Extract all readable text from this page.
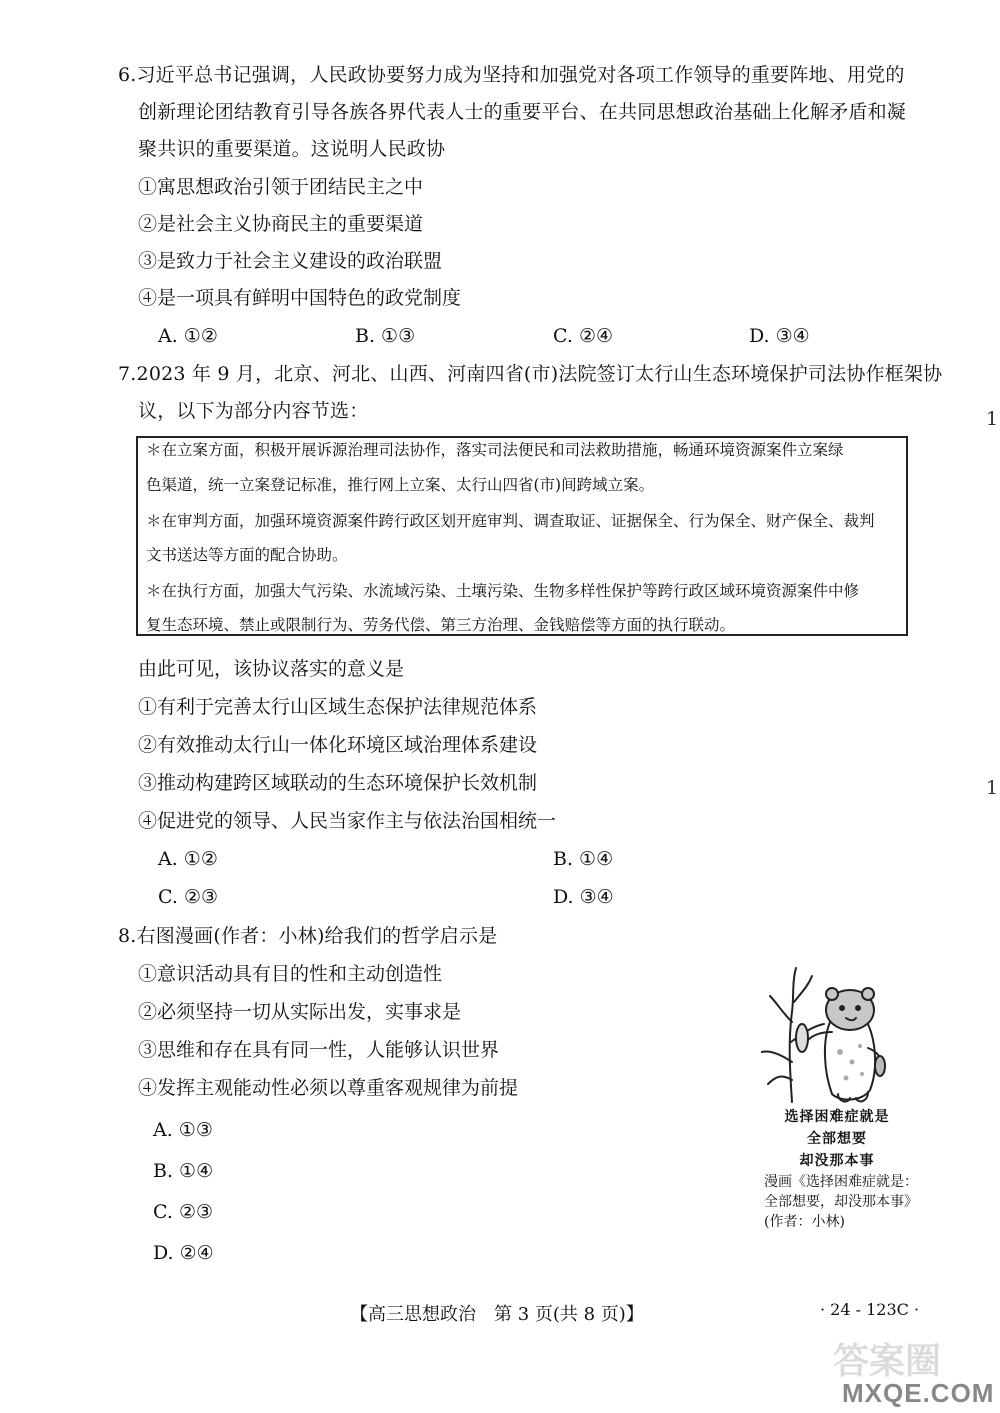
6.习近平总书记强调，人民政协要努力成为坚持和加强党对各项工作领导的重要阵地、用党的
创新理论团结教育引导各族各界代表人士的重要平台、在共同思想政治基础上化解矛盾和凝
聚共识的重要渠道。这说明人民政协
①寓思想政治引领于团结民主之中
②是社会主义协商民主的重要渠道
③是致力于社会主义建设的政治联盟
④是一项具有鲜明中国特色的政党制度
A. ①②	B. ①③	C. ②④	D. ③④
7.2023 年 9 月，北京、河北、山西、河南四省(市)法院签订太行山生态环境保护司法协作框架协
议，以下为部分内容节选：
＊在立案方面，积极开展诉源治理司法协作，落实司法便民和司法救助措施，畅通环境资源案件立案绿
色渠道，统一立案登记标准，推行网上立案、太行山四省(市)间跨域立案。
＊在审判方面，加强环境资源案件跨行政区划开庭审判、调查取证、证据保全、行为保全、财产保全、裁判
文书送达等方面的配合协助。
＊在执行方面，加强大气污染、水流域污染、土壤污染、生物多样性保护等跨行政区域环境资源案件中修
复生态环境、禁止或限制行为、劳务代偿、第三方治理、金钱赔偿等方面的执行联动。
由此可见，该协议落实的意义是
①有利于完善太行山区域生态保护法律规范体系
②有效推动太行山一体化环境区域治理体系建设
③推动构建跨区域联动的生态环境保护长效机制
④促进党的领导、人民当家作主与依法治国相统一
A. ①②	B. ①④
C. ②③	D. ③④
8.右图漫画(作者：小林)给我们的哲学启示是
①意识活动具有目的性和主动创造性
②必须坚持一切从实际出发，实事求是
③思维和存在具有同一性，人能够认识世界
④发挥主观能动性必须以尊重客观规律为前提
A. ①③
B. ①④
C. ②③
D. ②④
选择困难症就是
全部想要
却没那本事
漫画《选择困难症就是：
全部想要，却没那本事》
(作者：小林)
1
1
【高三思想政治　第 3 页(共 8 页)】	· 24 - 123C ·
答案圈
MXQE.COM
